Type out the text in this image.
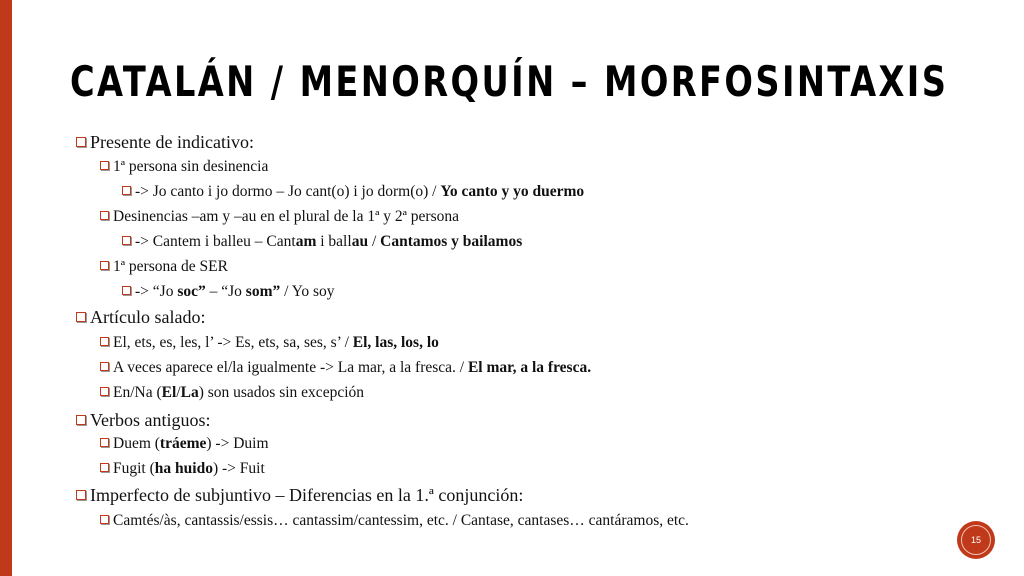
CATALÁN / MENORQUÍN – MORFOSINTAXIS
Presente de indicativo:
1ª persona sin desinencia
-> Jo canto i jo dormo – Jo cant(o) i jo dorm(o) / Yo canto y yo duermo
Desinencias –am y –au en el plural de la 1ª y 2ª persona
-> Cantem i balleu – Cantam i ballau / Cantamos y bailamos
1ª persona de SER
-> “Jo soc” – “Jo som” / Yo soy
Artículo salado:
El, ets, es, les, l’ -> Es, ets, sa, ses, s’ / El, las, los, lo
A veces aparece el/la igualmente -> La mar, a la fresca. / El mar, a la fresca.
En/Na (El/La) son usados sin excepción
Verbos antiguos:
Duem (tráeme) -> Duim
Fugit (ha huido) -> Fuit
Imperfecto de subjuntivo – Diferencias en la 1.ª conjunción:
Camtés/às, cantassis/essis… cantassim/cantessim, etc. / Cantase, cantases… cantáramos, etc.
15
